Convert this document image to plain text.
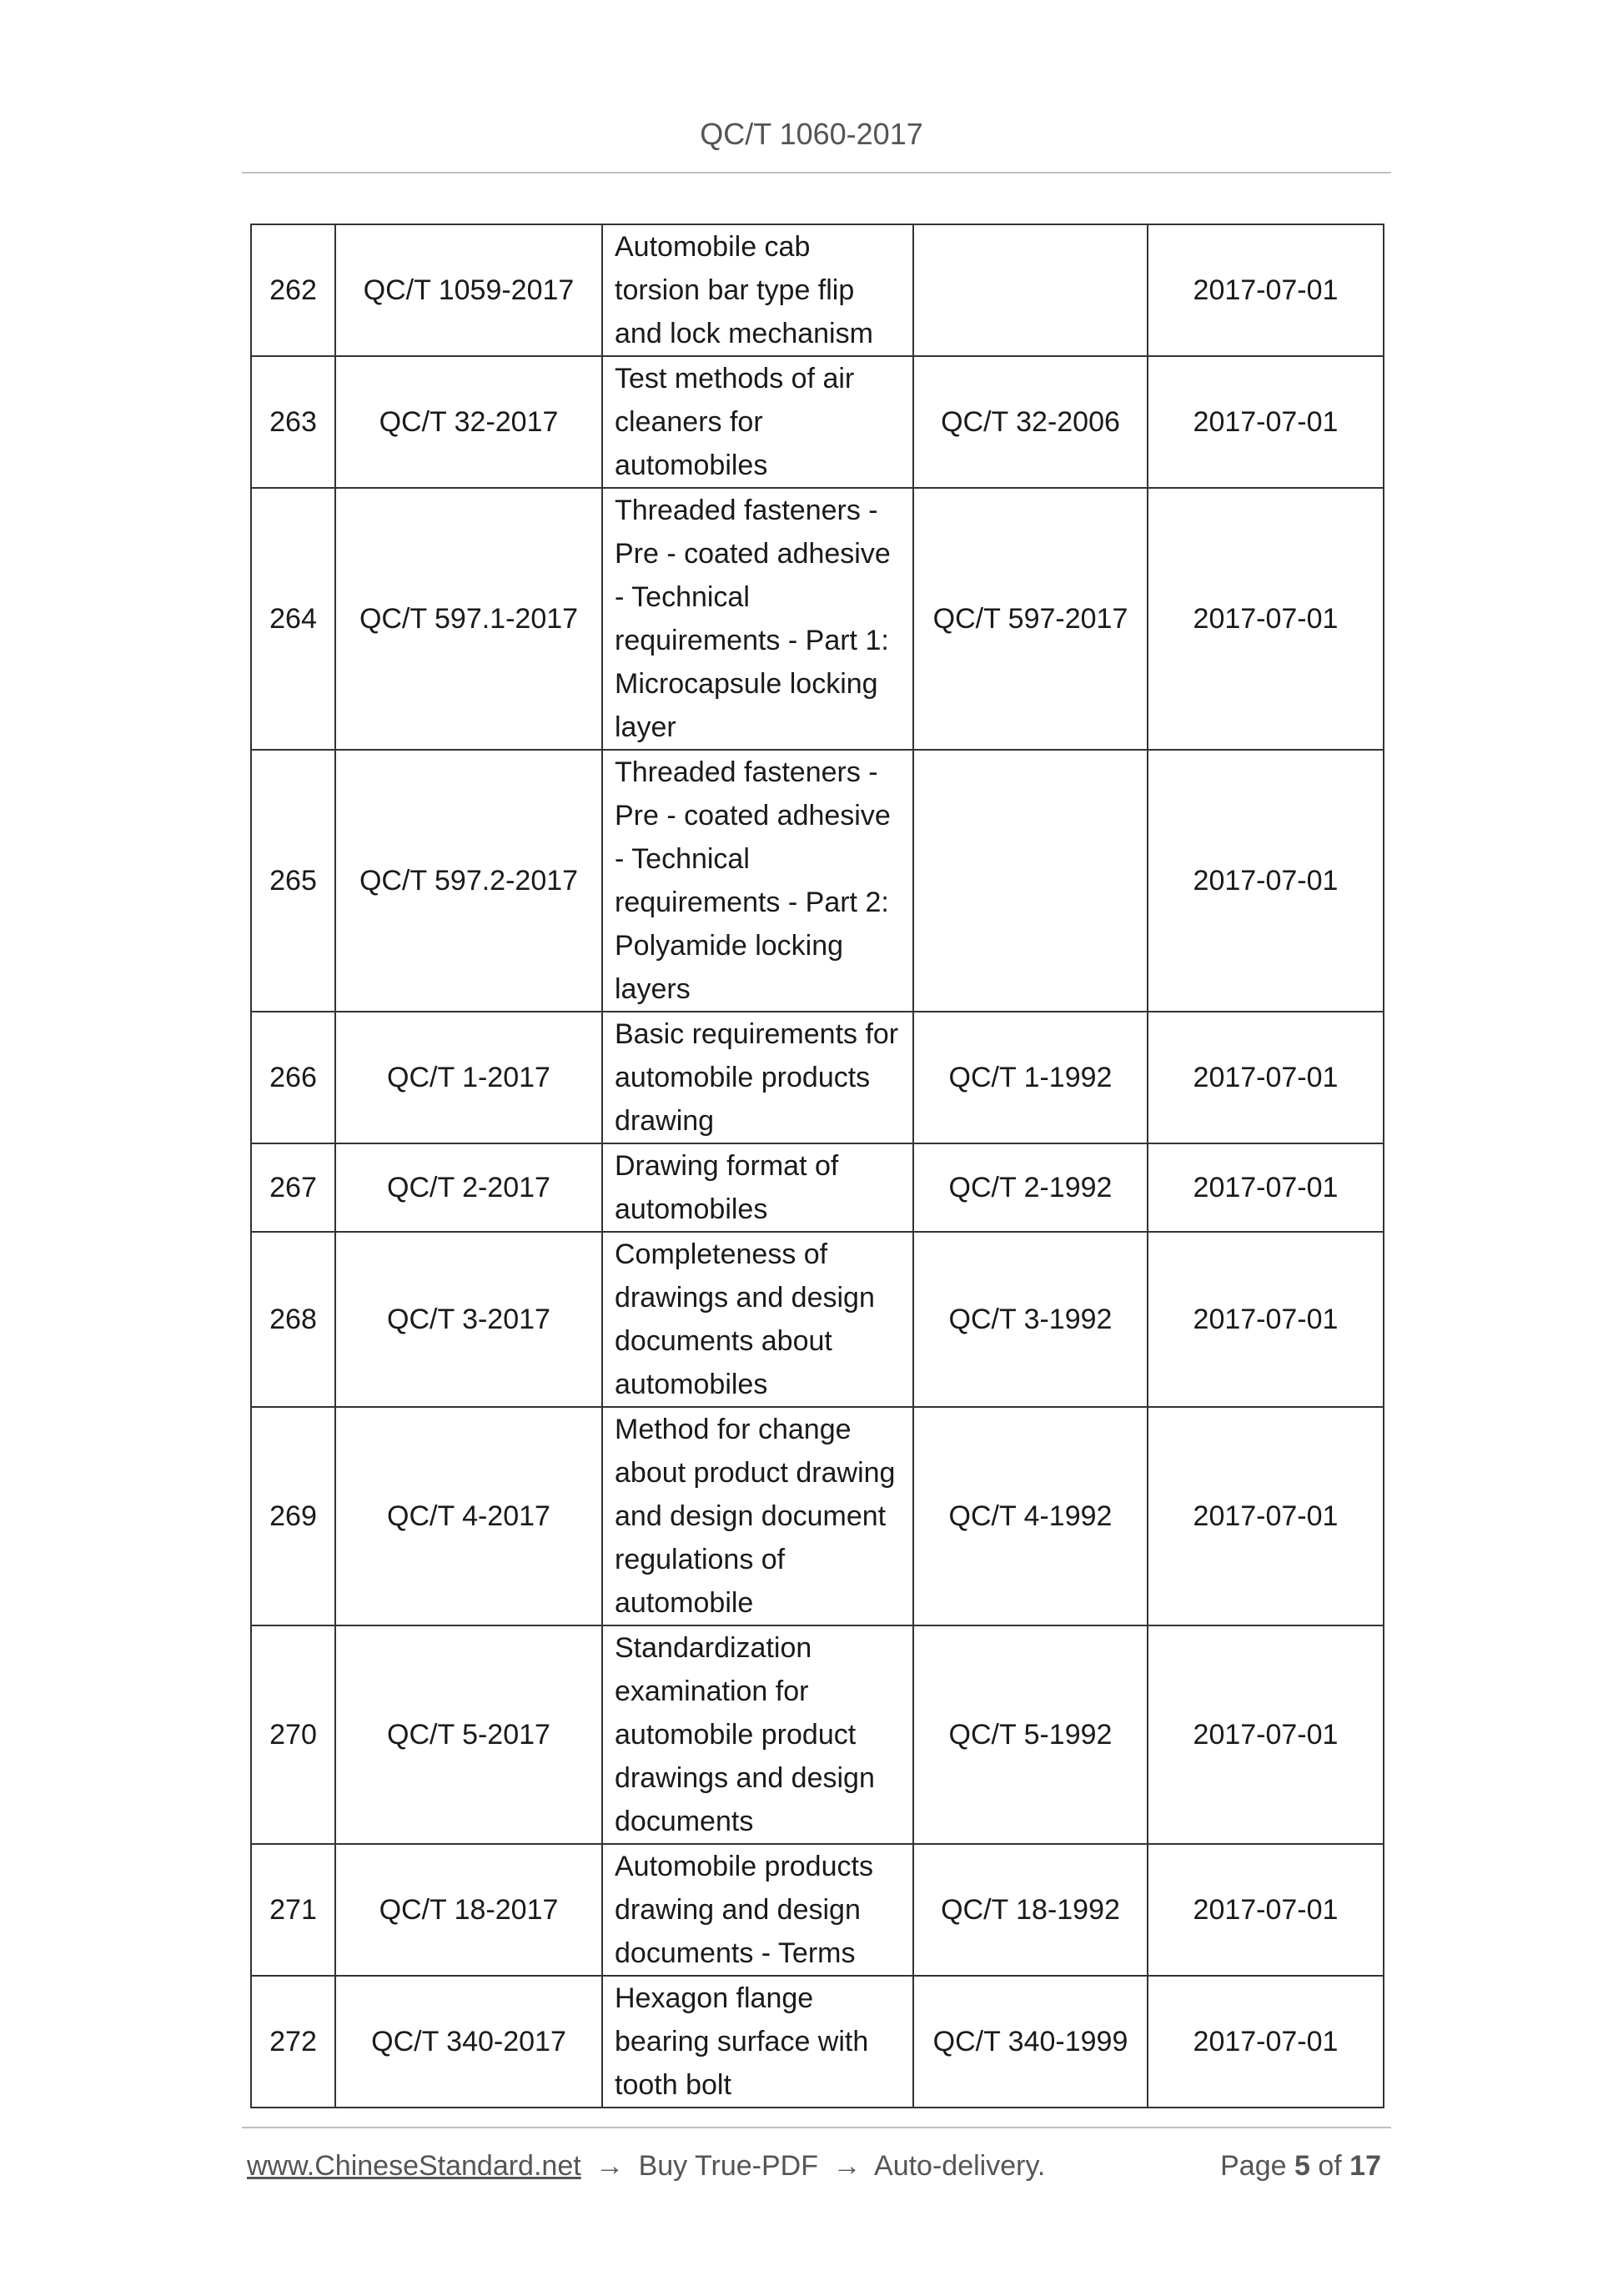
QC/T 1060-2017
262	QC/T 1059-2017	Automobile cab torsion bar type flip and lock mechanism		2017-07-01
263	QC/T 32-2017	Test methods of air cleaners for automobiles	QC/T 32-2006	2017-07-01
264	QC/T 597.1-2017	Threaded fasteners - Pre - coated adhesive - Technical requirements - Part 1: Microcapsule locking layer	QC/T 597-2017	2017-07-01
265	QC/T 597.2-2017	Threaded fasteners - Pre - coated adhesive - Technical requirements - Part 2: Polyamide locking layers		2017-07-01
266	QC/T 1-2017	Basic requirements for automobile products drawing	QC/T 1-1992	2017-07-01
267	QC/T 2-2017	Drawing format of automobiles	QC/T 2-1992	2017-07-01
268	QC/T 3-2017	Completeness of drawings and design documents about automobiles	QC/T 3-1992	2017-07-01
269	QC/T 4-2017	Method for change about product drawing and design document regulations of automobile	QC/T 4-1992	2017-07-01
270	QC/T 5-2017	Standardization examination for automobile product drawings and design documents	QC/T 5-1992	2017-07-01
271	QC/T 18-2017	Automobile products drawing and design documents - Terms	QC/T 18-1992	2017-07-01
272	QC/T 340-2017	Hexagon flange bearing surface with tooth bolt	QC/T 340-1999	2017-07-01
www.ChineseStandard.net → Buy True-PDF → Auto-delivery.	Page 5 of 17
